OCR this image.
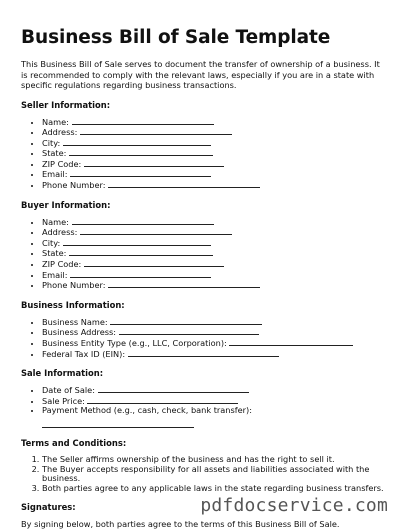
Business Bill of Sale Template

This Business Bill of Sale serves to document the transfer of ownership of a business. It is recommended to comply with the relevant laws, especially if you are in a state with specific regulations regarding business transactions.

Seller Information:
• Name:
• Address:
• City:
• State:
• ZIP Code:
• Email:
• Phone Number:
Buyer Information:
• Name:
• Address:
• City:
• State:
• ZIP Code:
• Email:
• Phone Number:
Business Information:
• Business Name:
• Business Address:
• Business Entity Type (e.g., LLC, Corporation):
• Federal Tax ID (EIN):
Sale Information:
• Date of Sale:
• Sale Price:
• Payment Method (e.g., cash, check, bank transfer):
Terms and Conditions:
1. The Seller affirms ownership of the business and has the right to sell it.
2. The Buyer accepts responsibility for all assets and liabilities associated with the business.
3. Both parties agree to any applicable laws in the state regarding business transfers.
Signatures:
By signing below, both parties agree to the terms of this Business Bill of Sale.
pdfdocservice.com
